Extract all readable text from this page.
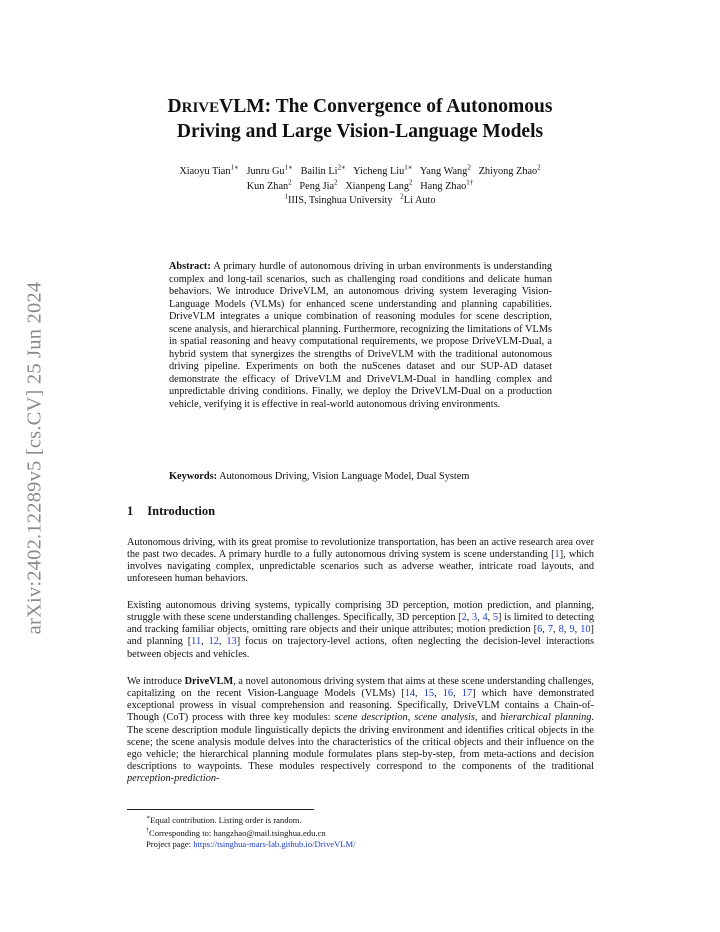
arXiv:2402.12289v5 [cs.CV] 25 Jun 2024
DRIVEVLM: The Convergence of Autonomous
Driving and Large Vision-Language Models
Xiaoyu Tian$^{1∗}$ Junru $Gu^{1∗}$ Bailin $Li^{2∗}$ Yicheng Liu$^{1∗}$ Yang Wang$^2$ Zhiyong Zhao$^2$
Kun Zhan$^2$ Peng Jia$^2$ Xianpeng Lang$^2$ Hang Zhao$^{1\dagger}$
$^1$IIIS, Tsinghua University $^2$Li Auto
Abstract: A primary hurdle of autonomous driving in urban environments is understanding complex and long-tail scenarios, such as challenging road conditions and delicate human behaviors. We introduce DriveVLM, an autonomous driving system leveraging Vision-Language Models (VLMs) for enhanced scene understanding and planning capabilities. DriveVLM integrates a unique combination of reasoning modules for scene description, scene analysis, and hierarchical planning. Furthermore, recognizing the limitations of VLMs in spatial reasoning and heavy computational requirements, we propose DriveVLM-Dual, a hybrid system that synergizes the strengths of DriveVLM with the traditional autonomous driving pipeline. Experiments on both the nuScenes dataset and our SUP-AD dataset demonstrate the efficacy of DriveVLM and DriveVLM-Dual in handling complex and unpredictable driving conditions. Finally, we deploy the DriveVLM-Dual on a production vehicle, verifying it is effective in real-world autonomous driving environments.
Keywords: Autonomous Driving, Vision Language Model, Dual System
1 Introduction
Autonomous driving, with its great promise to revolutionize transportation, has been an active research area over the past two decades. A primary hurdle to a fully autonomous driving system is scene understanding [1], which involves navigating complex, unpredictable scenarios such as adverse weather, intricate road layouts, and unforeseen human behaviors.
Existing autonomous driving systems, typically comprising 3D perception, motion prediction, and planning, struggle with these scene understanding challenges. Specifically, 3D perception [2, 3, 4, 5] is limited to detecting and tracking familiar objects, omitting rare objects and their unique attributes; motion prediction [6, 7, 8, 9, 10] and planning [11, 12, 13] focus on trajectory-level actions, often neglecting the decision-level interactions between objects and vehicles.
We introduce DriveVLM, a novel autonomous driving system that aims at these scene understanding challenges, capitalizing on the recent Vision-Language Models (VLMs) [14, 15, 16, 17] which have demonstrated exceptional prowess in visual comprehension and reasoning. Specifically, DriveVLM contains a Chain-of-Though (CoT) process with three key modules: scene description, scene analysis, and hierarchical planning. The scene description module linguistically depicts the driving environment and identifies critical objects in the scene; the scene analysis module delves into the characteristics of the critical objects and their influence on the ego vehicle; the hierarchical planning module formulates plans step-by-step, from meta-actions and decision descriptions to waypoints. These modules respectively correspond to the components of the traditional perception-prediction-
∗Equal contribution. Listing order is random.
†Corresponding to: hangzhao@mail.tsinghua.edu.cn
Project page: https://tsinghua-mars-lab.github.io/DriveVLM/
